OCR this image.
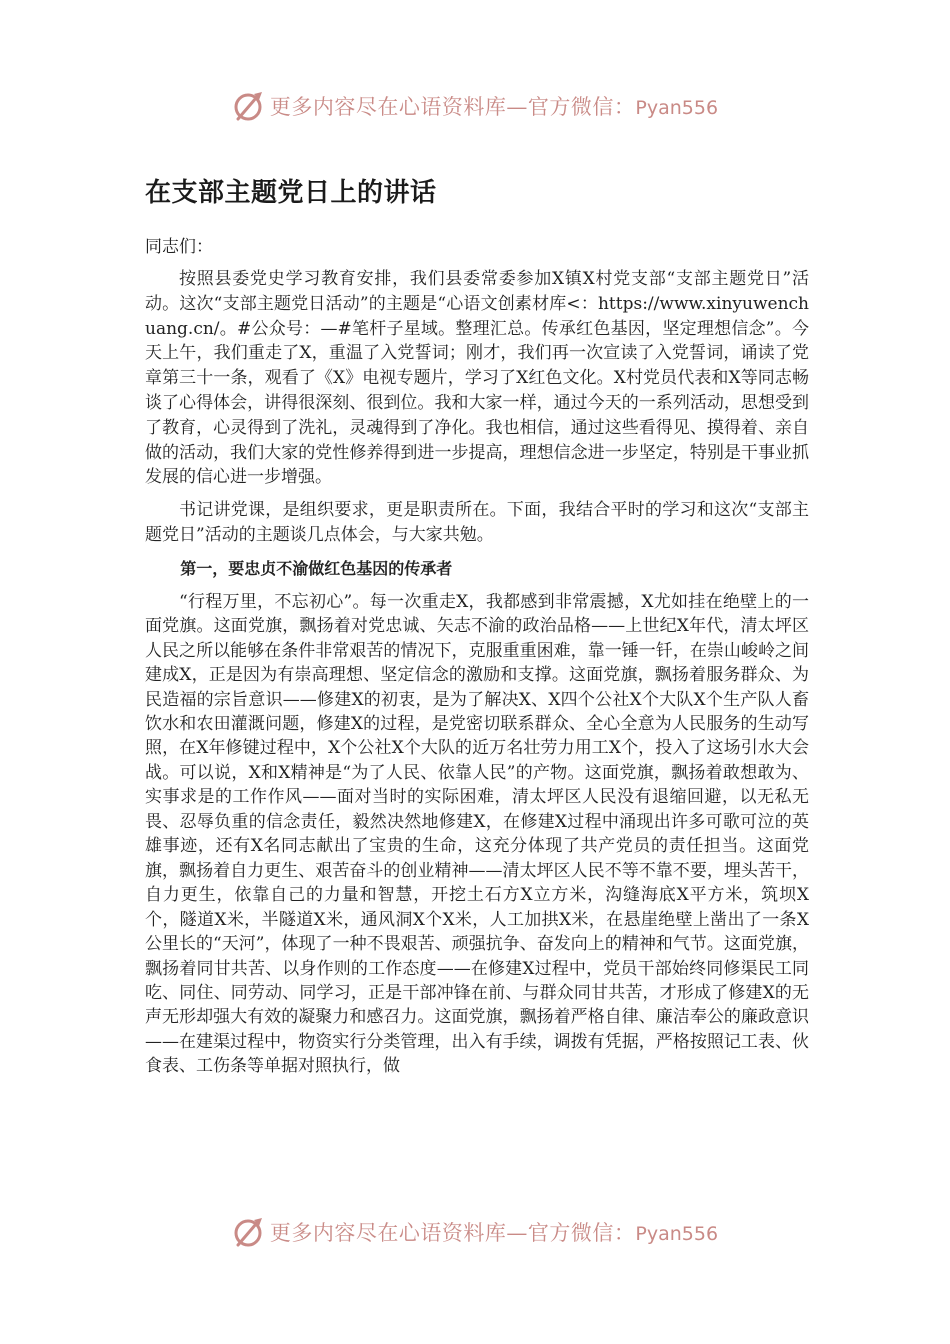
更多内容尽在心语资料库—官方微信：Pyan556
在支部主题党日上的讲话

同志们：

按照县委党史学习教育安排，我们县委常委参加X镇X村党支部“支部主题党日”活动。这次“支部主题党日活动”的主题是“心语文创素材库<：https://www.xinyuwenchuang.cn/。#公众号：—#笔杆子星域。整理汇总。传承红色基因，坚定理想信念”。今天上午，我们重走了X，重温了入党誓词；刚才，我们再一次宣读了入党誓词，诵读了党章第三十一条，观看了《X》电视专题片，学习了X红色文化。X村党员代表和X等同志畅谈了心得体会，讲得很深刻、很到位。我和大家一样，通过今天的一系列活动，思想受到了教育，心灵得到了洗礼，灵魂得到了净化。我也相信，通过这些看得见、摸得着、亲自做的活动，我们大家的党性修养得到进一步提高，理想信念进一步坚定，特别是干事业抓发展的信心进一步增强。

书记讲党课，是组织要求，更是职责所在。下面，我结合平时的学习和这次“支部主题党日”活动的主题谈几点体会，与大家共勉。

第一，要忠贞不渝做红色基因的传承者

“行程万里，不忘初心”。每一次重走X，我都感到非常震撼，X尤如挂在绝壁上的一面党旗。这面党旗，飘扬着对党忠诚、矢志不渝的政治品格——上世纪X年代，清太坪区人民之所以能够在条件非常艰苦的情况下，克服重重困难，靠一锤一钎，在崇山峻岭之间建成X，正是因为有崇高理想、坚定信念的激励和支撑。这面党旗，飘扬着服务群众、为民造福的宗旨意识——修建X的初衷，是为了解决X、X四个公社X个大队X个生产队人畜饮水和农田灌溉问题，修建X的过程，是党密切联系群众、全心全意为人民服务的生动写照，在X年修键过程中，X个公社X个大队的近万名壮劳力用工X个，投入了这场引水大会战。可以说，X和X精神是“为了人民、依靠人民”的产物。这面党旗，飘扬着敢想敢为、实事求是的工作作风——面对当时的实际困难，清太坪区人民没有退缩回避，以无私无畏、忍辱负重的信念责任，毅然决然地修建X，在修建X过程中涌现出许多可歌可泣的英雄事迹，还有X名同志献出了宝贵的生命，这充分体现了共产党员的责任担当。这面党旗，飘扬着自力更生、艰苦奋斗的创业精神——清太坪区人民不等不靠不要，埋头苦干，自力更生，依靠自己的力量和智慧，开挖土石方X立方米，沟缝海底X平方米，筑坝X个，隧道X米，半隧道X米，通风洞X个X米，人工加拱X米，在悬崖绝壁上凿出了一条X公里长的“天河”，体现了一种不畏艰苦、顽强抗争、奋发向上的精神和气节。这面党旗，飘扬着同甘共苦、以身作则的工作态度——在修建X过程中，党员干部始终同修渠民工同吃、同住、同劳动、同学习，正是干部冲锋在前、与群众同甘共苦，才形成了修建X的无声无形却强大有效的凝聚力和感召力。这面党旗，飘扬着严格自律、廉洁奉公的廉政意识——在建渠过程中，物资实行分类管理，出入有手续，调拨有凭据，严格按照记工表、伙食表、工伤条等单据对照执行，做

更多内容尽在心语资料库—官方微信：Pyan556
